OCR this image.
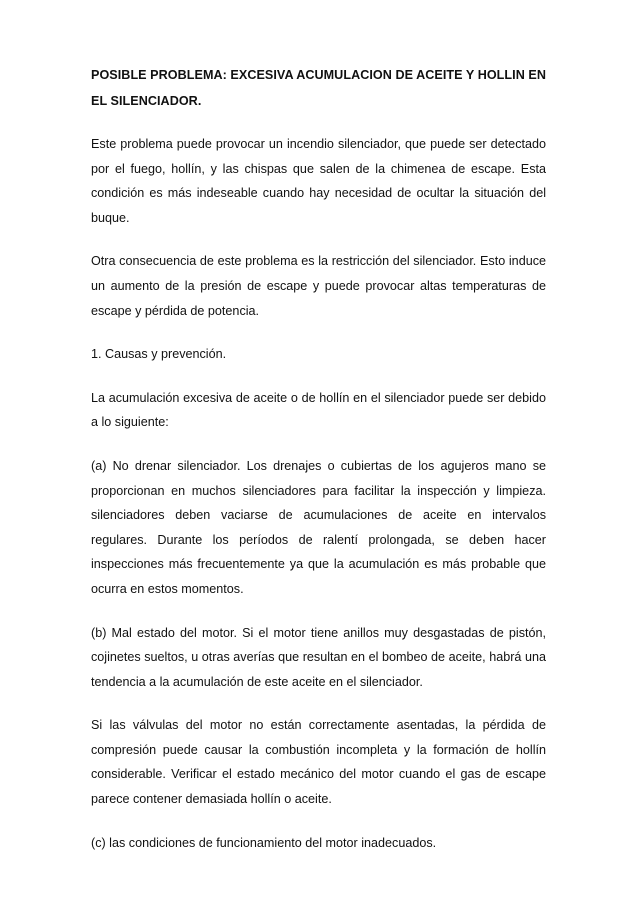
POSIBLE PROBLEMA: EXCESIVA ACUMULACION DE ACEITE Y HOLLIN EN EL SILENCIADOR.

Este problema puede provocar un incendio silenciador, que puede ser detectado por el fuego, hollín, y las chispas que salen de la chimenea de escape. Esta condición es más indeseable cuando hay necesidad de ocultar la situación del buque.

Otra consecuencia de este problema es la restricción del silenciador. Esto induce un aumento de la presión de escape y puede provocar altas temperaturas de escape y pérdida de potencia.

1. Causas y prevención.

La acumulación excesiva de aceite o de hollín en el silenciador puede ser debido a lo siguiente:

(a) No drenar silenciador. Los drenajes o cubiertas de los agujeros mano se proporcionan en muchos silenciadores para facilitar la inspección y limpieza. silenciadores deben vaciarse de acumulaciones de aceite en intervalos regulares. Durante los períodos de ralentí prolongada, se deben hacer inspecciones más frecuentemente ya que la acumulación es más probable que ocurra en estos momentos.

(b) Mal estado del motor. Si el motor tiene anillos muy desgastadas de pistón, cojinetes sueltos, u otras averías que resultan en el bombeo de aceite, habrá una tendencia a la acumulación de este aceite en el silenciador.

Si las válvulas del motor no están correctamente asentadas, la pérdida de compresión puede causar la combustión incompleta y la formación de hollín considerable. Verificar el estado mecánico del motor cuando el gas de escape parece contener demasiada hollín o aceite.

(c) las condiciones de funcionamiento del motor inadecuados.
